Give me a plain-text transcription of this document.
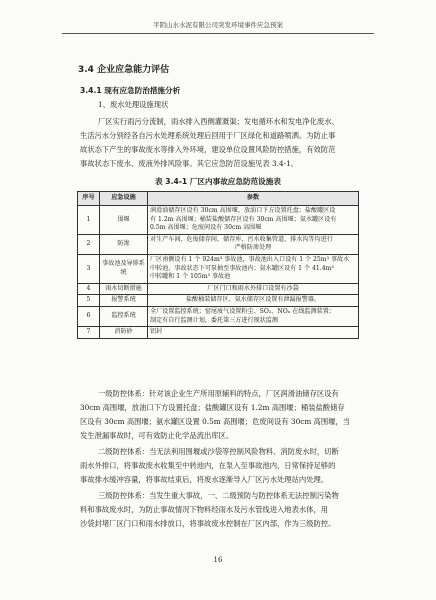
平阴山水水泥有限公司突发环境事件应急预案
3.4 企业应急能力评估
3.4.1 现有应急防治措施分析
1、废水处理设施现状
厂区实行雨污分流制，雨水排入西侧灌溉渠；发电循环水和发电净化废水、
生活污水分别经各自污水处理系统处理后回用于厂区绿化和道路喷洒。为防止事
故状态下产生的事故废水等排入外环境，建设单位设置风险防控措施，有效防范
事故状态下废水、废液外排风险事。其它应急防范设施见表 3.4-1。
表 3.4-1 厂区内事故应急防范设施表
序号	应急设施	参数
1	围堰	润滑油储存区设有 30cm 高围堰，放油口下方设置托盘；盐酸罐区设
有 1.2m 高围堰；桶装盐酸储存区设有 30cm 高围堰；氨水罐区设有
0.5m 高围堰；危废间设有 30cm 高围堰

2	防渗	对生产车间、危废储存间、储存库、污水收集管道、排水沟等均进行
严格防渗处理

3	事故池及导排系统	厂区南侧设有 1 个 924m³ 事故池，事故池出入口设有 1 个 25m³ 事故水
中转池，事故状态下可泵抽至事故池内；氨水罐区设有 1 个 41.4m³
中转罐和 1 个 105m³ 事故池

4	雨水切断措施	厂区门口和雨水外排口设置有沙袋

5	报警系统	盐酸桶装储存区、氨水储存区设置有泄漏报警器。

6	监控系统	全厂设置监控系统；窑尾废气设置粉尘、SO₂、NOₓ 在线监测装置；
制定有自行监测计划，委托第三方进行现状监测

7	消防砂	铝封
一级防控体系：针对该企业生产所用原辅料的特点，厂区润滑油储存区设有
30cm 高围堰，放油口下方设置托盘；盐酸罐区设有 1.2m 高围堰；桶装盐酸储存
区设有 30cm 高围堰；氨水罐区设置 0.5m 高围堰；危废间设有 30cm 高围堰，当
发生泄漏事故时，可有效防止化学品流出库区。
二级防控体系：当无法利用围堰或沙袋等控制风险物料、消防废水时，切断
雨水外排口，将事故废水收集至中转池内，在泵入至事故池内，日常保持足够的
事故排水缓冲容量，将事故结束后，将废水逐渐导入厂区污水处理站内处理。
三级防控体系：当发生重大事故，一、二级预防与防控体系无法控制污染物
料和事故废水时，为防止事故情况下物料经雨水及污水管线进入地表水体，用
沙袋封堵厂区门口和雨水排放口，将事故废水控制在厂区内部，作为三级防控。
16
